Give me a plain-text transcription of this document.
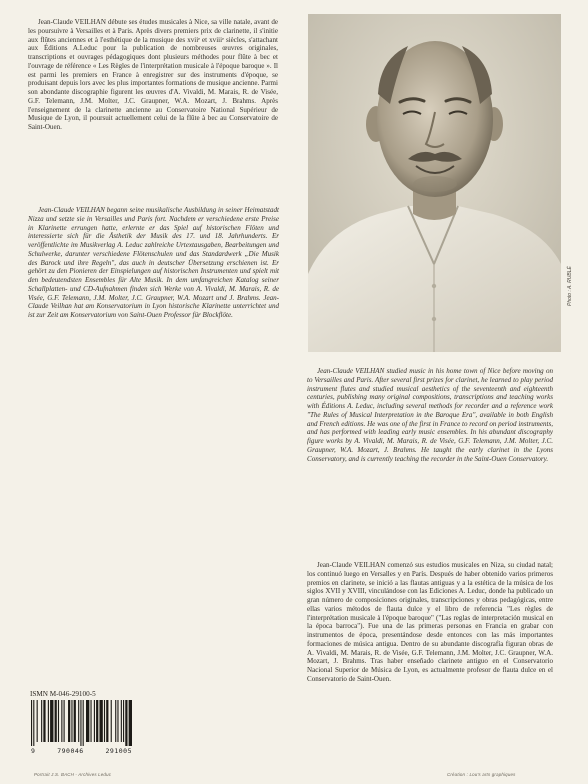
Jean-Claude VEILHAN débute ses études musicales à Nice, sa ville natale, avant de les poursuivre à Versailles et à Paris. Après divers premiers prix de clarinette, il s'initie aux flûtes anciennes et à l'esthétique de la musique des xviiᵉ et xviiiᵉ siècles, s'attachant aux Éditions A.Leduc pour la publication de nombreuses œuvres originales, transcriptions et ouvrages pédagogiques dont plusieurs méthodes pour flûte à bec et l'ouvrage de référence « Les Règles de l'interprétation musicale à l'époque baroque ». Il est parmi les premiers en France à enregistrer sur des instruments d'époque, se produisant depuis lors avec les plus importantes formations de musique ancienne. Parmi son abondante discographie figurent les œuvres d'A. Vivaldi, M. Marais, R. de Visée, G.F. Telemann, J.M. Molter, J.C. Graupner, W.A. Mozart, J. Brahms. Après l'enseignement de la clarinette ancienne au Conservatoire National Supérieur de Musique de Lyon, il poursuit actuellement celui de la flûte à bec au Conservatoire de Saint-Ouen.

Jean-Claude VEILHAN begann seine musikalische Ausbildung in seiner Heimatstadt Nizza und setzte sie in Versailles und Paris fort. Nachdem er verschiedene erste Preise in Klarinette errungen hatte, erlernte er das Spiel auf historischen Flöten und interessierte sich für die Ästhetik der Musik des 17. und 18. Jahrhunderts. Er veröffentlichte im Musikverlag A. Leduc zahlreiche Urtextausgaben, Bearbeitungen und Schulwerke, darunter verschiedene Flötenschulen und das Standardwerk „Die Musik des Barock und ihre Regeln", das auch in deutscher Übersetzung erschienen ist. Er gehört zu den Pionieren der Einspielungen auf historischen Instrumenten und spielt mit den bedeutendsten Ensembles für Alte Musik. In dem umfangreichen Katalog seiner Schallplatten- und CD-Aufnahmen finden sich Werke von A. Vivaldi, M. Marais, R. de Visée, G.F. Telemann, J.M. Molter, J.C. Graupner, W.A. Mozart und J. Brahms. Jean-Claude Veilhan hat am Konservatorium in Lyon historische Klarinette unterrichtet und ist zur Zeit am Konservatorium von Saint-Ouen Professor für Blockflöte.

Photo : A. RUBLÉ

Jean-Claude VEILHAN studied music in his home town of Nice before moving on to Versailles and Paris. After several first prizes for clarinet, he learned to play period instrument flutes and studied musical aesthetics of the seventeenth and eighteenth centuries, publishing many original compositions, transcriptions and teaching works with Éditions A. Leduc, including several methods for recorder and a reference work "The Rules of Musical Interpretation in the Baroque Era", available in both English and French editions. He was one of the first in France to record on period instruments, and has performed with leading early music ensembles. In his abundant discography figure works by A. Vivaldi, M. Marais, R. de Visée, G.F. Telemann, J.M. Molter, J.C. Graupner, W.A. Mozart, J. Brahms. He taught the early clarinet in the Lyons Conservatory, and is currently teaching the recorder in the Saint-Ouen Conservatory.

Jean-Claude VEILHAN comenzó sus estudios musicales en Niza, su ciudad natal; los continuó luego en Versalles y en París. Después de haber obtenido varios primeros premios en clarinete, se inició a las flautas antiguas y a la estética de la música de los siglos XVII y XVIII, vinculándose con las Ediciones A. Leduc, donde ha publicado un gran número de composiciones originales, transcripciones y obras pedagógicas, entre ellas varios métodos de flauta dulce y el libro de referencia "Les règles de l'interprétation musicale à l'époque baroque" ("Las reglas de interpretación musical en la época barroca"). Fue una de las primeras personas en Francia en grabar con instrumentos de época, presentándose desde entonces con las más importantes formaciones de música antigua. Dentro de su abundante discografía figuran obras de A. Vivaldi, M. Marais, R. de Visée, G.F. Telemann, J.M. Molter, J.C. Graupner, W.A. Mozart, J. Brahms. Tras haber enseñado clarinete antiguo en el Conservatorio Nacional Superior de Música de Lyon, es actualmente profesor de flauta dulce en el Conservatorio de Saint-Ouen.

ISMN M-046-29100-5
9	790046	291005
Portrait J.S. BACH - Archives Leduc	Création : Lou's arts graphiques
